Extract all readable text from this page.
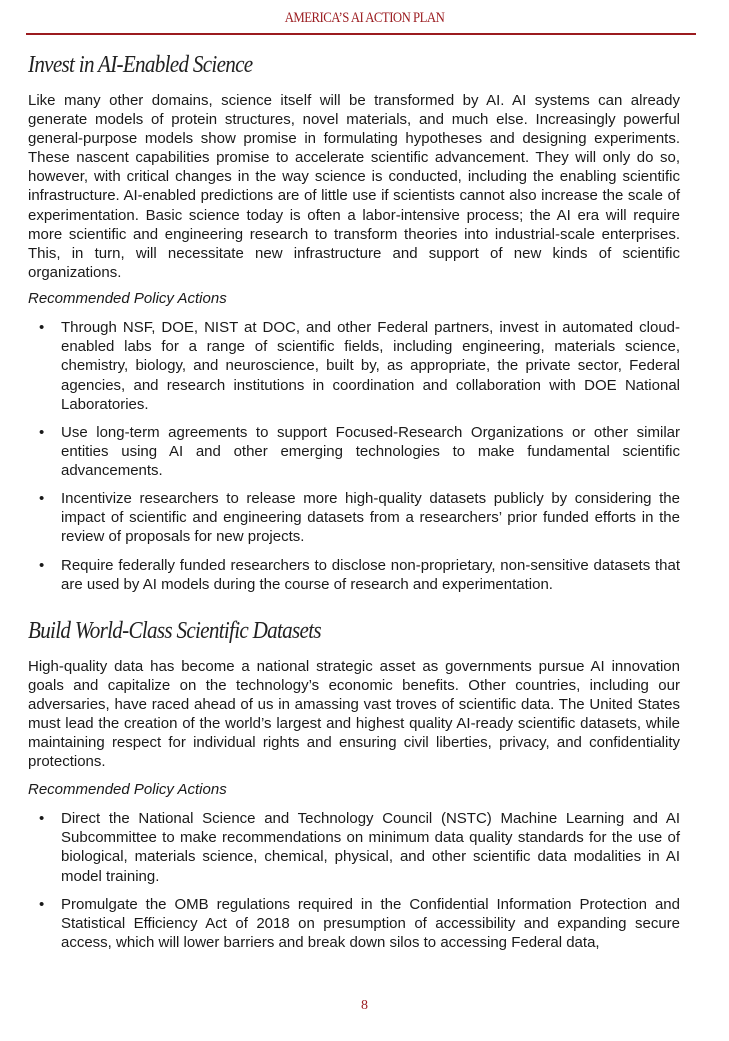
AMERICA’S AI ACTION PLAN
Invest in AI-Enabled Science
Like many other domains, science itself will be transformed by AI. AI systems can already generate models of protein structures, novel materials, and much else. Increasingly powerful general-purpose models show promise in formulating hypotheses and designing experiments. These nascent capabilities promise to accelerate scientific advancement. They will only do so, however, with critical changes in the way science is conducted, including the enabling scientific infrastructure. AI-enabled predictions are of little use if scientists cannot also increase the scale of experimentation. Basic science today is often a labor-intensive process; the AI era will require more scientific and engineering research to transform theories into industrial-scale enterprises. This, in turn, will necessitate new infrastructure and support of new kinds of scientific organizations.
Recommended Policy Actions
• Through NSF, DOE, NIST at DOC, and other Federal partners, invest in automated cloud-enabled labs for a range of scientific fields, including engineering, materials science, chemistry, biology, and neuroscience, built by, as appropriate, the private sector, Federal agencies, and research institutions in coordination and collaboration with DOE National Laboratories.
• Use long-term agreements to support Focused-Research Organizations or other similar entities using AI and other emerging technologies to make fundamental scientific advancements.
• Incentivize researchers to release more high-quality datasets publicly by considering the impact of scientific and engineering datasets from a researchers’ prior funded efforts in the review of proposals for new projects.
• Require federally funded researchers to disclose non-proprietary, non-sensitive datasets that are used by AI models during the course of research and experimentation.
Build World-Class Scientific Datasets
High-quality data has become a national strategic asset as governments pursue AI innovation goals and capitalize on the technology’s economic benefits. Other countries, including our adversaries, have raced ahead of us in amassing vast troves of scientific data. The United States must lead the creation of the world’s largest and highest quality AI-ready scientific datasets, while maintaining respect for individual rights and ensuring civil liberties, privacy, and confidentiality protections.
Recommended Policy Actions
• Direct the National Science and Technology Council (NSTC) Machine Learning and AI Subcommittee to make recommendations on minimum data quality standards for the use of biological, materials science, chemical, physical, and other scientific data modalities in AI model training.
• Promulgate the OMB regulations required in the Confidential Information Protection and Statistical Efficiency Act of 2018 on presumption of accessibility and expanding secure access, which will lower barriers and break down silos to accessing Federal data,
8
